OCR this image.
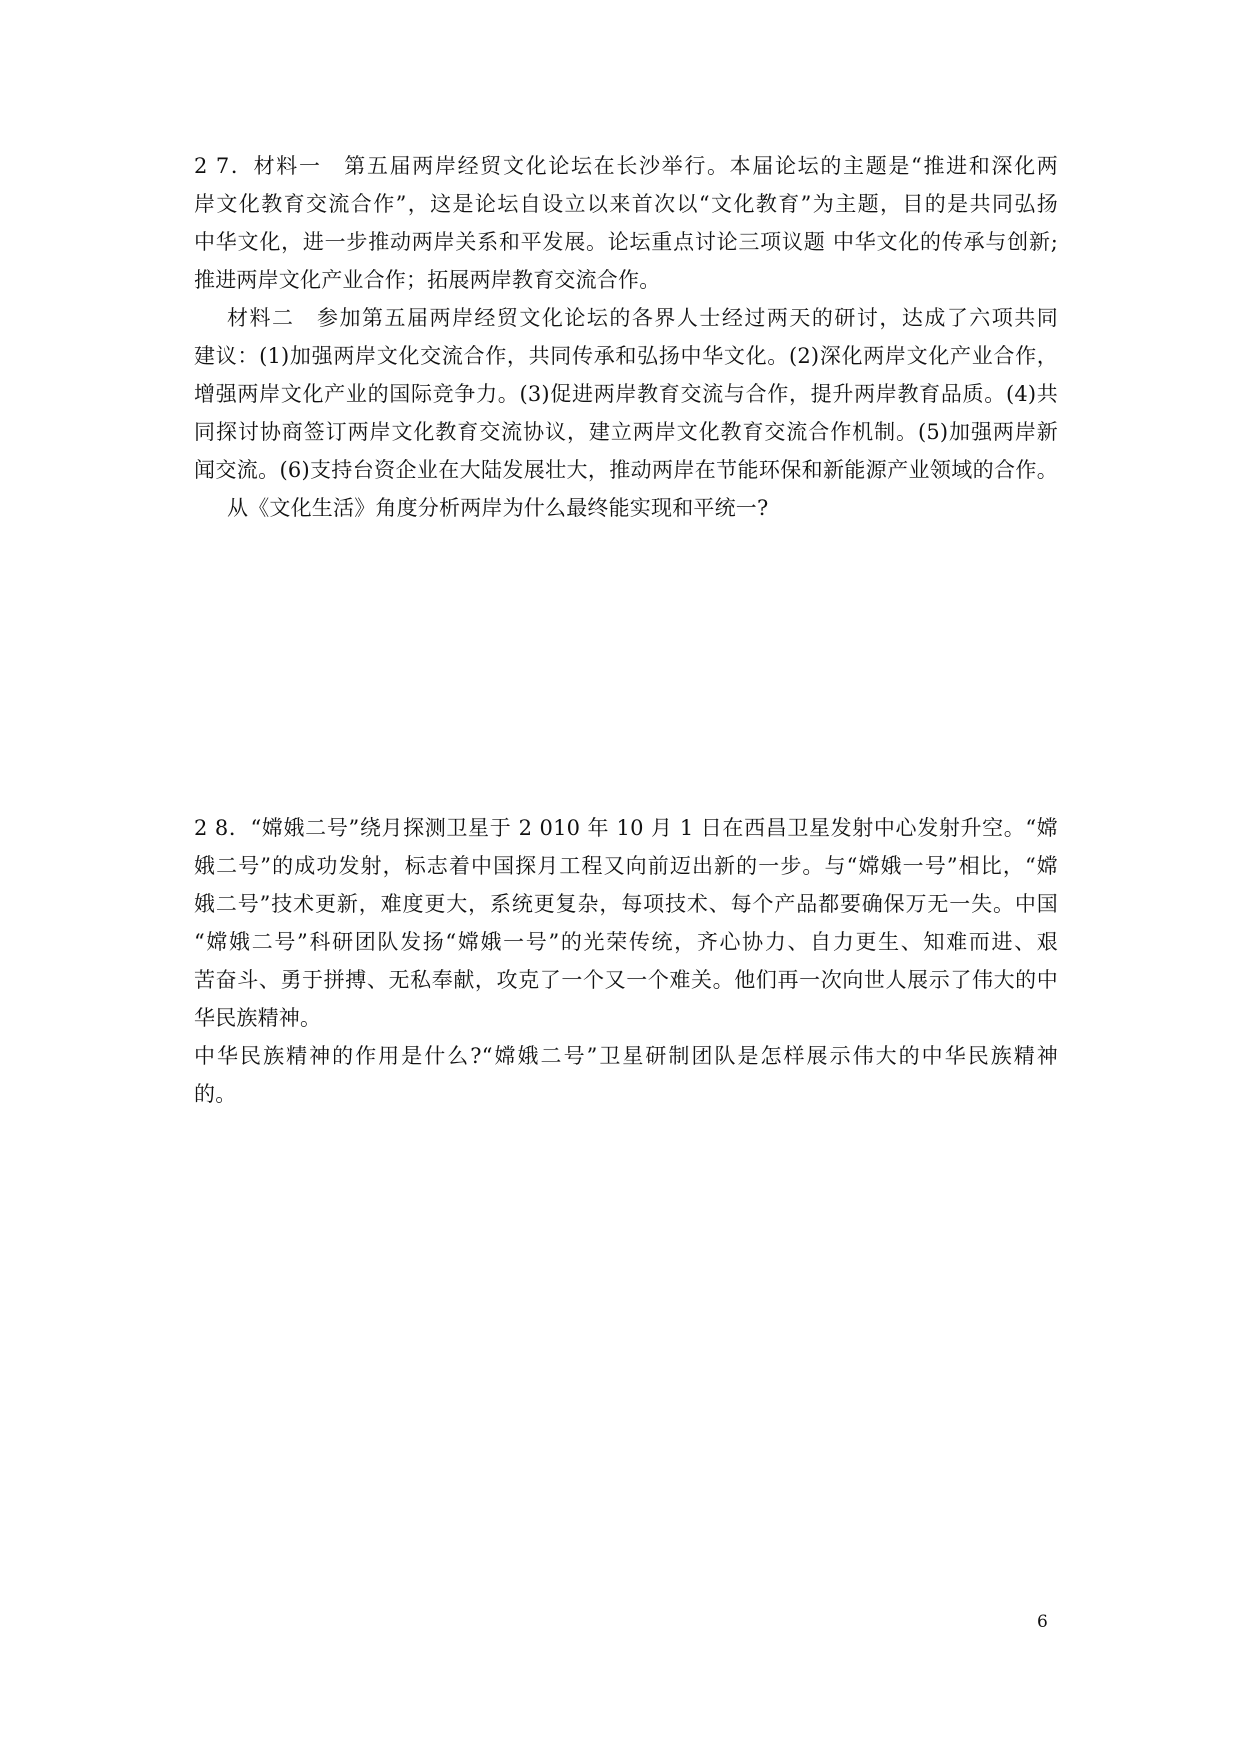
2 7．材料一　第五届两岸经贸文化论坛在长沙举行。本届论坛的主题是“推进和深化两
岸文化教育交流合作”，这是论坛自设立以来首次以“文化教育”为主题，目的是共同弘扬
中华文化，进一步推动两岸关系和平发展。论坛重点讨论三项议题 中华文化的传承与创新;
推进两岸文化产业合作；拓展两岸教育交流合作。
材料二　参加第五届两岸经贸文化论坛的各界人士经过两天的研讨，达成了六项共同
建议：(1)加强两岸文化交流合作，共同传承和弘扬中华文化。(2)深化两岸文化产业合作，
增强两岸文化产业的国际竞争力。(3)促进两岸教育交流与合作，提升两岸教育品质。(4)共
同探讨协商签订两岸文化教育交流协议，建立两岸文化教育交流合作机制。(5)加强两岸新
闻交流。(6)支持台资企业在大陆发展壮大，推动两岸在节能环保和新能源产业领域的合作。
从《文化生活》角度分析两岸为什么最终能实现和平统一?
2 8．“嫦娥二号”绕月探测卫星于 2 010 年 10 月 1 日在西昌卫星发射中心发射升空。“嫦
娥二号”的成功发射，标志着中国探月工程又向前迈出新的一步。与“嫦娥一号”相比，“嫦
娥二号”技术更新，难度更大，系统更复杂，每项技术、每个产品都要确保万无一失。中国
“嫦娥二号”科研团队发扬“嫦娥一号”的光荣传统，齐心协力、自力更生、知难而进、艰
苦奋斗、勇于拼搏、无私奉献，攻克了一个又一个难关。他们再一次向世人展示了伟大的中
华民族精神。
中华民族精神的作用是什么?“嫦娥二号”卫星研制团队是怎样展示伟大的中华民族精神
的。
6
